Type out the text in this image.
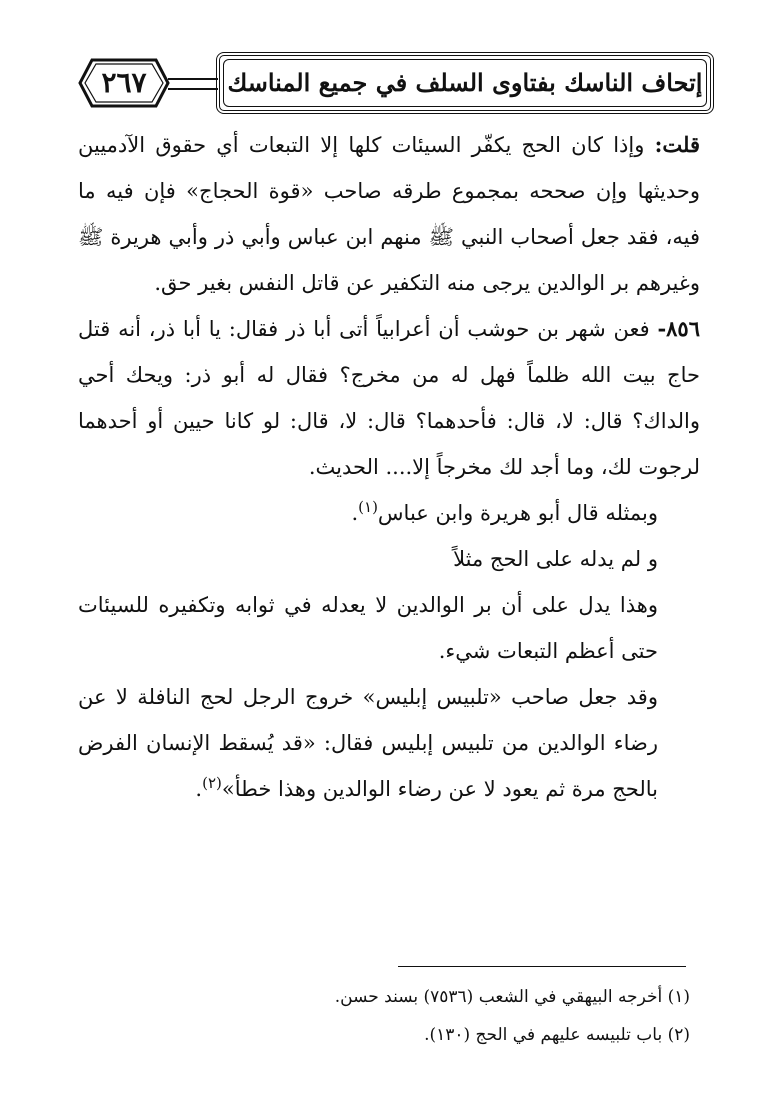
٢٦٧	إتحاف الناسك بفتاوى السلف في جميع المناسك

قلت: وإذا كان الحج يكفّر السيئات كلها إلا التبعات أي حقوق الآدميين وحديثها وإن صححه بمجموع طرقه صاحب «قوة الحجاج» فإن فيه ما فيه، فقد جعل أصحاب النبي ﷺ منهم ابن عباس وأبي ذر وأبي هريرة ﷺ وغيرهم بر الوالدين يرجى منه التكفير عن قاتل النفس بغير حق.

٨٥٦- فعن شهر بن حوشب أن أعرابياً أتى أبا ذر فقال: يا أبا ذر، أنه قتل حاج بيت الله ظلماً فهل له من مخرج؟ فقال له أبو ذر: ويحك أحي والداك؟ قال: لا، قال: فأحدهما؟ قال: لا، قال: لو كانا حيين أو أحدهما لرجوت لك، وما أجد لك مخرجاً إلا.... الحديث.

وبمثله قال أبو هريرة وابن عباس$^{(١)}$.

و لم يدله على الحج مثلاً

وهذا يدل على أن بر الوالدين لا يعدله في ثوابه وتكفيره للسيئات حتى أعظم التبعات شيء.

وقد جعل صاحب «تلبيس إبليس» خروج الرجل لحج النافلة لا عن رضاء الوالدين من تلبيس إبليس فقال: «قد يُسقط الإنسان الفرض بالحج مرة ثم يعود لا عن رضاء الوالدين وهذا خطأ»$^{(٢)}$.

(١) أخرجه البيهقي في الشعب (٧٥٣٦) بسند حسن.

(٢) باب تلبيسه عليهم في الحج (١٣٠).
